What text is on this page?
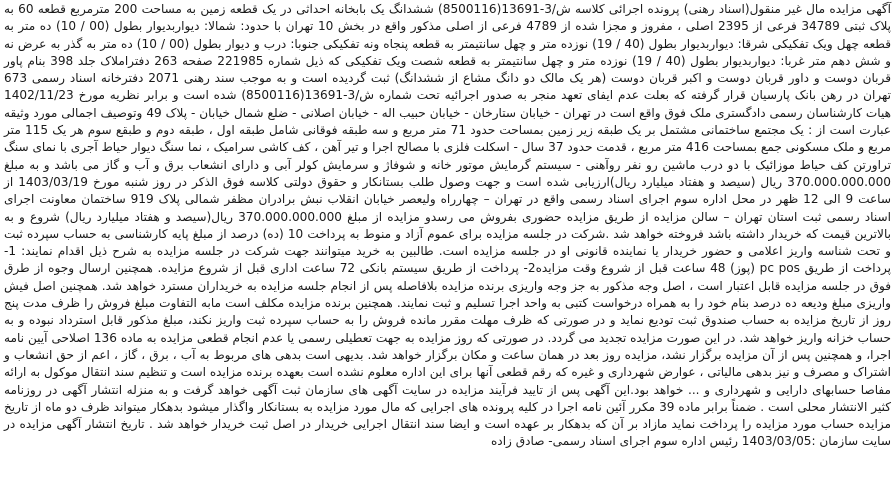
آگهی مزایده مال غیر منقول(اسناد رهنی) پرونده اجرائی کلاسه ش/3-13691(8500116) ششدانگ یک بابخانه احداثی در یک قطعه زمین به مساحت 200 مترمربع قطعه 60 به پلاک ثبتی 34789 فرعی از 2395 اصلی ، مفروز و مجزا شده از 4789 فرعی از اصلی مذکور واقع در بخش 10 تهران با حدود: شمالا: دیواربدیوار بطول (00 / 10) ده متر به قطعه چهل ویک تفکیکی شرقا: دیواربدیوار بطول (40 / 19) نوزده متر و چهل سانتیمتر به قطعه پنجاه ونه تفکیکی جنوبا: درب و دیوار بطول (00 / 10) ده متر به گذر به عرض نه و شش دهم متر غربا: دیواربدیوار بطول (40 / 19) نوزده متر و چهل سانتیمتر به قطعه شصت ویک تفکیکی که ذیل شماره 221985 صفحه 263 دفتراملاک جلد 398 بنام پاور قربان دوست و داور قربان دوست و اکبر قربان دوست (هر یک مالک دو دانگ مشاع از ششدانگ) ثبت گردیده است و به موجب سند رهنی 2071 دفترخانه اسناد رسمی 673 تهران در رهن بانک پارسیان قرار گرفته که بعلت عدم ایفای تعهد منجر به صدور اجرائیه تحت شماره ش/3-13691(8500116) شده است و برابر نظریه مورخ 1402/11/23 هیات کارشناسان رسمی دادگستری ملک فوق واقع است در تهران - خیابان ستارخان - خیابان حبیب اله - خیابان اصلانی - ضلع شمال خیابان - پلاک 49 وتوصیف اجمالی مورد وثیقه عبارت است از : یک مجتمع ساختمانی مشتمل بر یک طبقه زیر زمین بمساحت حدود 71 متر مربع و سه طبقه فوقانی شامل طبقه اول ، طبقه دوم و طبقع سوم هر یک 115 متر مربع و ملک مسکونی جمع بمساحت 416 متر مربع ، قدمت حدود 37 سال - اسکلت فلزی با مصالح اجرا و تیر آهن ، کف کاشی سرامیک ، نما سنگ دیوار حیاط آجری با نمای سنگ تراورتن کف حیاط موزائیک با دو درب ماشین رو نفر روآهنی - سیستم گرمایش موتور خانه و شوفاژ و سرمایش کولر آبی و دارای انشعاب برق و آب و گاز می باشد و به مبلغ 370.000.000.000 ریال (سیصد و هفتاد میلیارد ریال)ارزیابی شده است و جهت وصول طلب بستانکار و حقوق دولتی کلاسه فوق الذکر در روز شنبه مورخ 1403/03/19 از ساعت 9 الی 12 ظهر در محل اداره سوم اجرای اسناد رسمی واقع در تهران – چهارراه ولیعصر خیابان انقلاب نبش برادران مظفر شمالی پلاک 919 ساختمان معاونت اجرای اسناد رسمی ثبت استان تهران – سالن مزایده از طریق مزایده حضوری بفروش می رسدو مزایده از مبلغ 370.000.000.000 ریال(سیصد و هفتاد میلیارد ریال) شروع و به بالاترین قیمت که خریدار داشته باشد فروخته خواهد شد .شرکت در جلسه مزایده برای عموم آزاد و منوط به پرداخت 10 (ده) درصد از مبلغ پایه کارشناسی به حساب سپرده ثبت و تحت شناسه واریز اعلامی و حضور خریدار یا نماینده قانونی او در جلسه مزایده است. طالبین به خرید میتوانند جهت شرکت در جلسه مزایده به شرح ذیل اقدام نمایند: 1- پرداخت از طریق pc pos (پوز) 48 ساعت قبل از شروع وقت مزایده2- پرداخت از طریق سیستم بانکی 72 ساعت اداری قبل از شروع مزایده. همچنین ارسال وجوه از طرق فوق در جلسه مزایده قابل اعتبار است ، اصل وجه مذکور به جز وجه واریزی برنده مزایده بلافاصله پس از انجام جلسه مزایده به خریداران مسترد خواهد شد. همچنین اصل فیش واریزی مبلغ ودیعه ده درصد بنام خود را به همراه درخواست کتبی به واحد اجرا تسلیم و ثبت نمایند. همچنین برنده مزایده مکلف است مابه التفاوت مبلغ فروش را ظرف مدت پنج روز از تاریخ مزایده به حساب صندوق ثبت تودیع نماید و در صورتی که ظرف مهلت مقرر مانده فروش را به حساب سپرده ثبت واریز نکند، مبلغ مذکور قابل استرداد نبوده و به حساب خزانه واریز خواهد شد. در این صورت مزایده تجدید می گردد. در صورتی که روز مزایده به جهت تعطیلی رسمی یا عدم انجام قطعی مزایده به ماده 136 اصلاحی آیین نامه اجرا، و همچنین پس از آن مزایده برگزار نشد، مزایده روز بعد در همان ساعت و مکان برگزار خواهد شد. بدیهی است بدهی های مربوط به آب ، برق ، گاز ، اعم از حق انشعاب و اشتراک و مصرف و نیز بدهی مالیاتی ، عوارض شهرداری و غیره که رقم قطعی آنها برای این اداره معلوم نشده است بعهده برنده مزایده است و تنظیم سند انتقال موکول به ارائه مفاصا حسابهای دارایی و شهرداری و ... خواهد بود.این آگهی پس از تایید فرآیند مزایده در سایت آگهی های سازمان ثبت آگهی خواهد گرفت و به منزله انتشار آگهی در روزنامه کثیر الانتشار محلی است . ضمناً برابر ماده 39 مکرر آئین نامه اجرا در کلیه پرونده های اجرایی که مال مورد مزایده به بستانکار واگذار میشود بدهکار میتواند ظرف دو ماه از تاریخ مزایده حساب مورد مزایده را پرداخت نماید مازاد بر آن که بدهکار بر عهده است و ایضا سند انتقال اجرایی خریدار در اصل ثبت خریدار خواهد شد . تاریخ انتشار آگهی مزایده در سایت سازمان :1403/03/05 رئیس اداره سوم اجرای اسناد رسمی- صادق زاده
